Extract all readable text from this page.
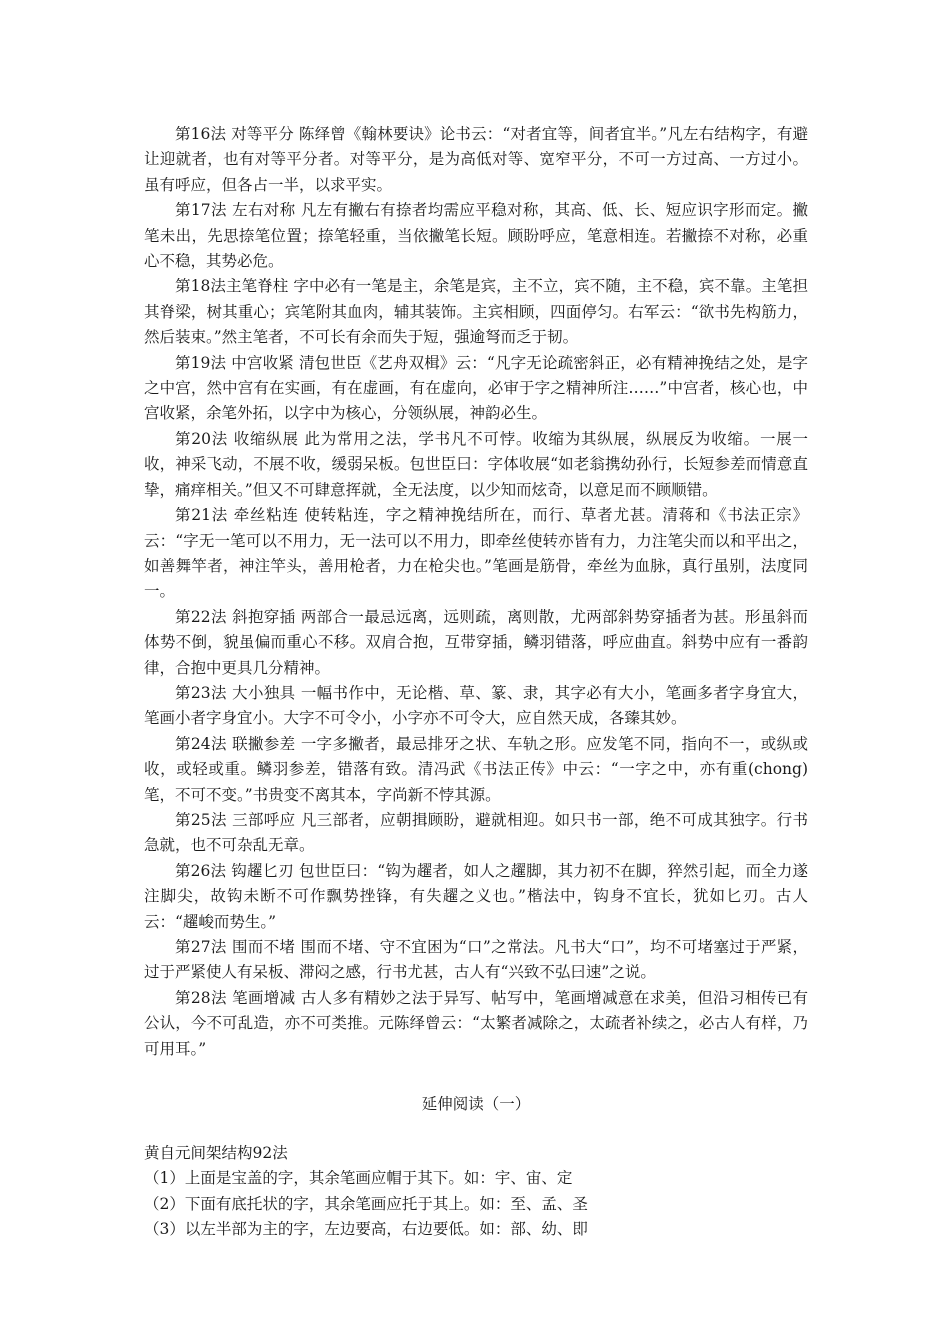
第16法 对等平分 陈绎曾《翰林要诀》论书云：“对者宜等，间者宜半。”凡左右结构字，有避让迎就者，也有对等平分者。对等平分，是为高低对等、宽窄平分，不可一方过高、一方过小。虽有呼应，但各占一半，以求平实。

第17法 左右对称 凡左有撇右有捺者均需应平稳对称，其高、低、长、短应识字形而定。撇笔未出，先思捺笔位置；捺笔轻重，当依撇笔长短。顾盼呼应，笔意相连。若撇捺不对称，必重心不稳，其势必危。

第18法主笔脊柱 字中必有一笔是主，余笔是宾，主不立，宾不随，主不稳，宾不靠。主笔担其脊梁，树其重心；宾笔附其血肉，辅其装饰。主宾相顾，四面停匀。右军云：“欲书先构筋力，然后装束。”然主笔者，不可长有余而失于短，强逾弩而乏于韧。

第19法 中宫收紧 清包世臣《艺舟双楫》云：“凡字无论疏密斜正，必有精神挽结之处，是字之中宫，然中宫有在实画，有在虚画，有在虚向，必审于字之精神所注……”中宫者，核心也，中宫收紧，余笔外拓，以字中为核心，分领纵展，神韵必生。

第20法 收缩纵展 此为常用之法，学书凡不可悖。收缩为其纵展，纵展反为收缩。一展一收，神采飞动，不展不收，缓弱呆板。包世臣曰：字体收展“如老翁携幼孙行，长短参差而情意直挚，痛痒相关。”但又不可肆意挥就，全无法度，以少知而炫奇，以意足而不顾顺错。

第21法 牵丝粘连 使转粘连，字之精神挽结所在，而行、草者尤甚。清蒋和《书法正宗》云：“字无一笔可以不用力，无一法可以不用力，即牵丝使转亦皆有力，力注笔尖而以和平出之，如善舞竿者，神注竿头，善用枪者，力在枪尖也。”笔画是筋骨，牵丝为血脉，真行虽别，法度同一。

第22法 斜抱穿插 两部合一最忌远离，远则疏，离则散，尤两部斜势穿插者为甚。形虽斜而体势不倒，貌虽偏而重心不移。双肩合抱，互带穿插，鳞羽错落，呼应曲直。斜势中应有一番韵律，合抱中更具几分精神。

第23法 大小独具 一幅书作中，无论楷、草、篆、隶，其字必有大小，笔画多者字身宜大，笔画小者字身宜小。大字不可令小，小字亦不可令大，应自然天成，各臻其妙。

第24法 联撇参差 一字多撇者，最忌排牙之状、车轨之形。应发笔不同，指向不一，或纵或收，或轻或重。鳞羽参差，错落有致。清冯武《书法正传》中云：“一字之中，亦有重(chong)笔，不可不变。”书贵变不离其本，字尚新不悖其源。

第25法 三部呼应 凡三部者，应朝揖顾盼，避就相迎。如只书一部，绝不可成其独字。行书急就，也不可杂乱无章。

第26法 钩趯匕刃 包世臣曰：“钩为趯者，如人之趯脚，其力初不在脚，猝然引起，而全力遂注脚尖，故钩未断不可作飘势挫锋，有失趯之义也。”楷法中，钩身不宜长，犹如匕刃。古人云：“趯峻而势生。”

第27法 围而不堵 围而不堵、守不宜困为“口”之常法。凡书大“口”，均不可堵塞过于严紧，过于严紧使人有呆板、滞闷之感，行书尤甚，古人有“兴致不弘曰速”之说。

第28法 笔画增减 古人多有精妙之法于异写、帖写中，笔画增减意在求美，但沿习相传已有公认，今不可乱造，亦不可类推。元陈绎曾云：“太繁者减除之，太疏者补续之，必古人有样，乃可用耳。”

延伸阅读（一）

黄自元间架结构92法

（1）上面是宝盖的字，其余笔画应帽于其下。如：宇、宙、定

（2）下面有底托状的字，其余笔画应托于其上。如：至、孟、圣

（3）以左半部为主的字，左边要高，右边要低。如：部、幼、即
